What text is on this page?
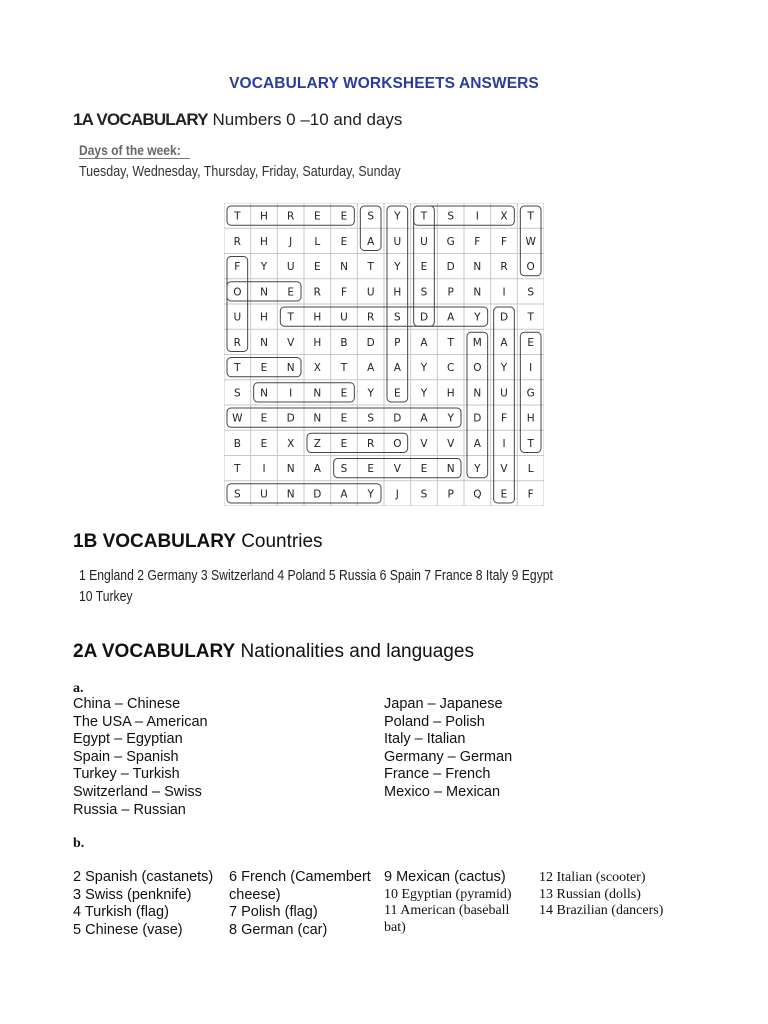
VOCABULARY WORKSHEETS ANSWERS
1A VOCABULARY Numbers 0 –10 and days
Days of the week:
Tuesday, Wednesday, Thursday, Friday, Saturday, Sunday
T H R E E S Y T S I X T
R H J L E A U U G F F W
F Y U E N T Y E D N R O
O N E R F U H S P N I S
U H T H U R S D A Y D T
R N V H B D P A T M A E
T E N X T A A Y C O Y I
S N I N E Y E Y H N U G
W E D N E S D A Y D F H
B E X Z E R O V V A I T
T I N A S E V E N Y V L
S U N D A Y J S P Q E F
1B VOCABULARY Countries
1 England 2 Germany 3 Switzerland 4 Poland 5 Russia 6 Spain 7 France 8 Italy 9 Egypt
10 Turkey
2A VOCABULARY Nationalities and languages
a.
China – Chinese
The USA – American
Egypt – Egyptian
Spain – Spanish
Turkey – Turkish
Switzerland – Swiss
Russia – Russian
Japan – Japanese
Poland – Polish
Italy – Italian
Germany – German
France – French
Mexico – Mexican
b.
2 Spanish (castanets)
3 Swiss (penknife)
4 Turkish (flag)
5 Chinese (vase)
6 French (Camembert
cheese)
7 Polish (flag)
8 German (car)
9 Mexican (cactus)
10 Egyptian (pyramid)
11 American (baseball
bat)
12 Italian (scooter)
13 Russian (dolls)
14 Brazilian (dancers)
